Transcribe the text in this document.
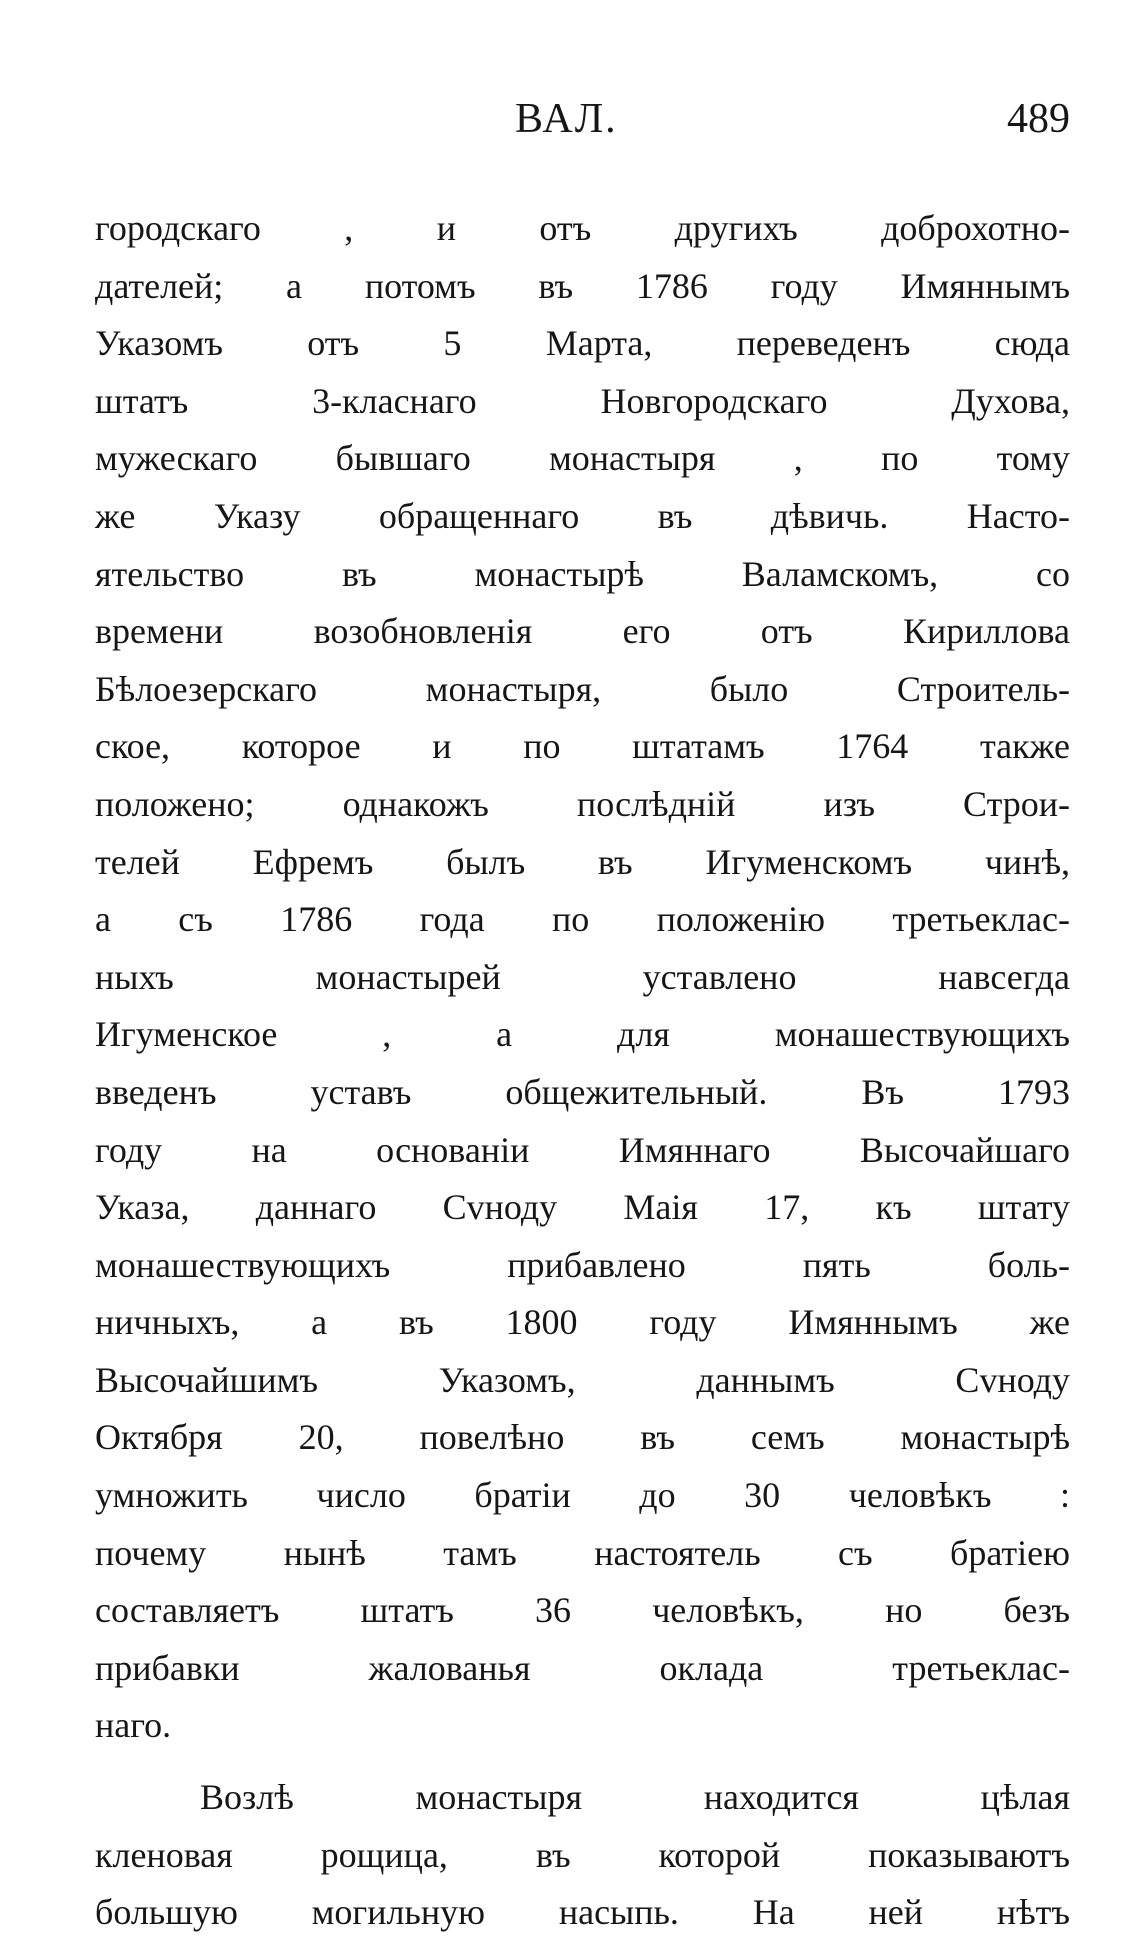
ВАЛ.	489
городскаго , и отъ другихъ доброхотно-
дателей; а потомъ въ 1786 году Имяннымъ
Указомъ отъ 5 Марта, переведенъ сюда
штатъ 3-класнаго Новгородскаго Духова,
мужескаго бывшаго монастыря , по тому
же Указу обращеннаго въ дѣвичь. Насто-
ятельство въ монастырѣ Валамскомъ, со
времени возобновленія его отъ Кириллова
Бѣлоезерскаго монастыря, было Строитель-
ское, которое и по штатамъ 1764 также
положено; однакожъ послѣдній изъ Строи-
телей Ефремъ былъ въ Игуменскомъ чинѣ,
а съ 1786 года по положенію третьеклас-
ныхъ монастырей уставлено навсегда
Игуменское , а для монашествующихъ
введенъ уставъ общежительный. Въ 1793
году на основаніи Имяннаго Высочайшаго
Указа, даннаго Сvноду Маія 17, къ штату
монашествующихъ прибавлено пять боль-
ничныхъ, а въ 1800 году Имяннымъ же
Высочайшимъ Указомъ, даннымъ Сvноду
Октября 20, повелѣно въ семъ монастырѣ
умножить число братіи до 30 человѣкъ :
почему нынѣ тамъ настоятель съ братіею
составляетъ штатъ 36 человѣкъ, но безъ
прибавки жалованья оклада третьеклас-
наго.
Возлѣ монастыря находится цѣлая
кленовая рощица, въ которой показываютъ
большую могильную насыпь. На ней нѣтъ
